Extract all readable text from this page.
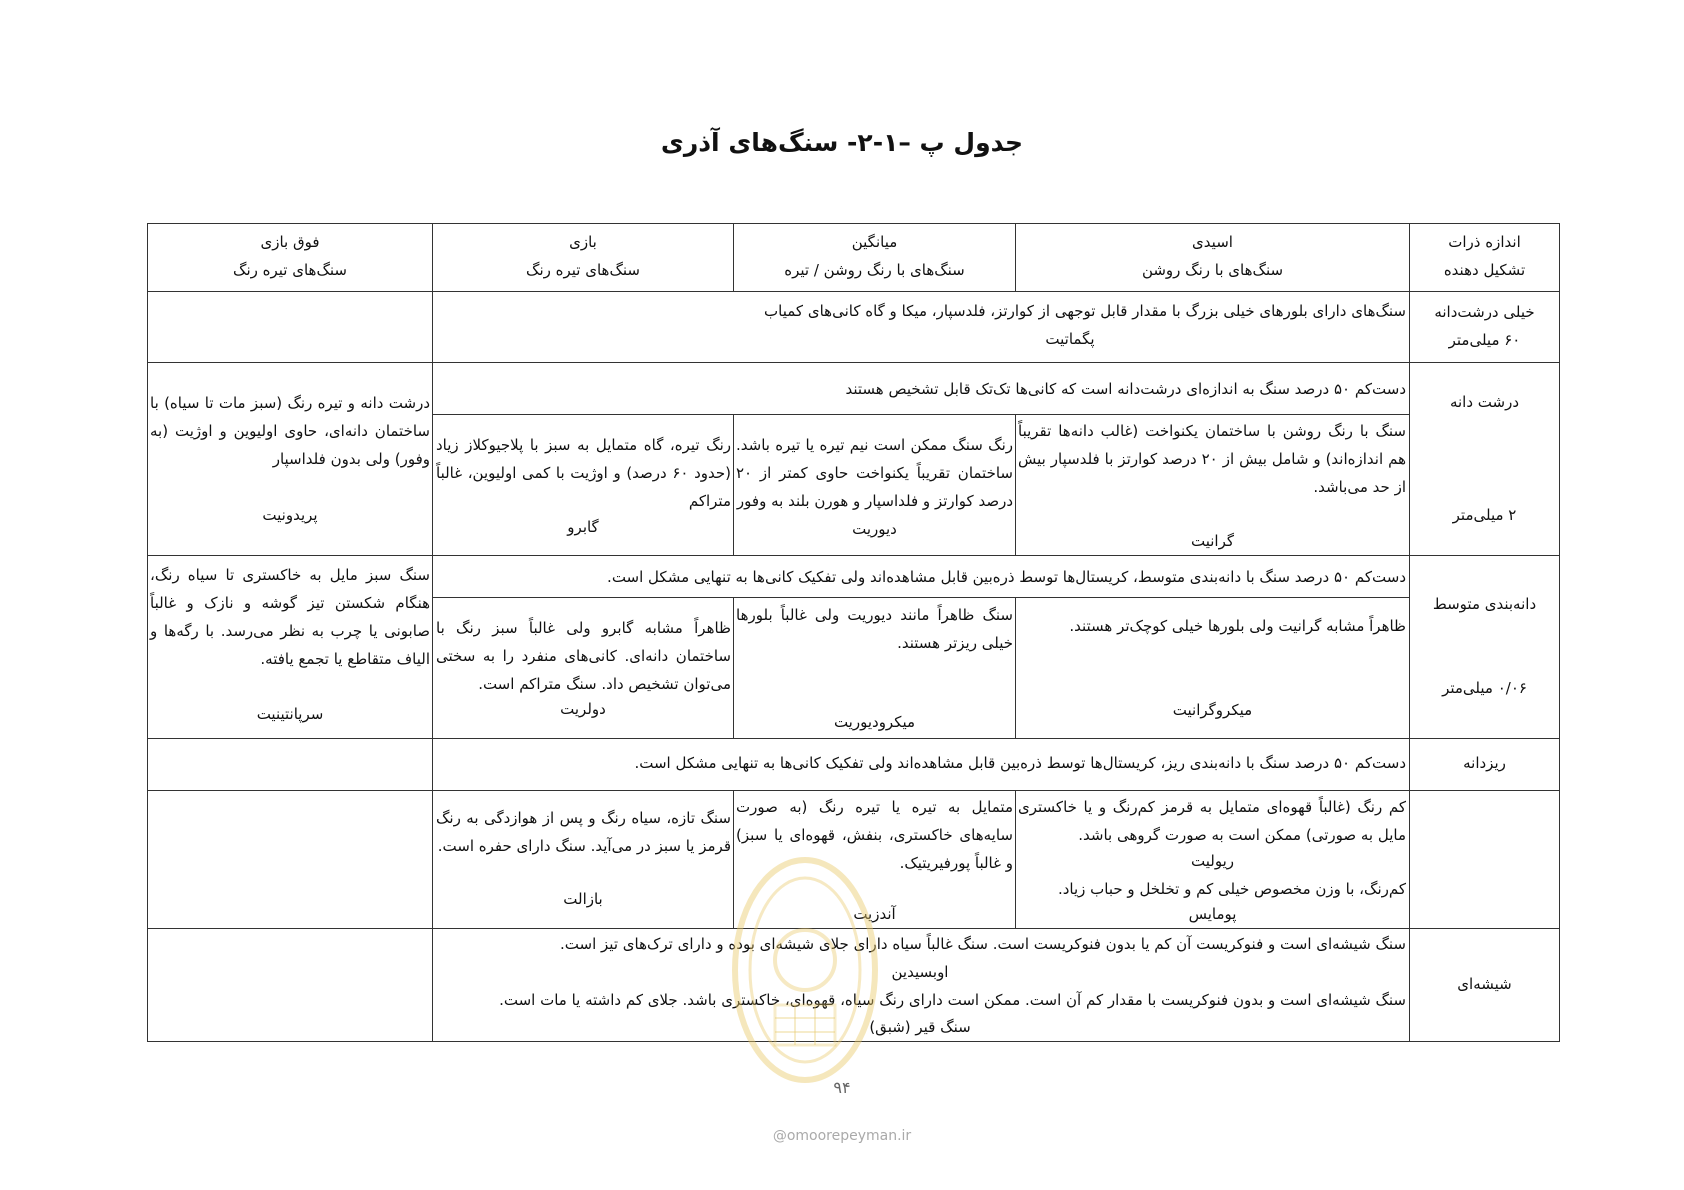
جدول پ –۱-۲- سنگ‌های آذری
اندازه ذرات
تشکیل دهنده
اسیدی
سنگ‌های با رنگ روشن
میانگین
سنگ‌های با رنگ روشن / تیره
بازی
سنگ‌های تیره رنگ
فوق بازی
سنگ‌های تیره رنگ
خیلی درشت‌دانه
۶۰ میلی‌متر
سنگ‌های دارای بلورهای خیلی بزرگ با مقدار قابل توجهی از کوارتز، فلدسپار، میکا و گاه کانی‌های کمیاب
پگماتیت
درشت دانه
۲ میلی‌متر
دست‌کم ۵۰ درصد سنگ به اندازه‌ای درشت‌دانه است که کانی‌ها تک‌تک قابل تشخیص هستند
سنگ با رنگ روشن با ساختمان یکنواخت (غالب دانه‌ها تقریباً هم اندازه‌اند) و شامل بیش از ۲۰ درصد کوارتز با فلدسپار بیش از حد می‌باشد.
گرانیت
رنگ سنگ ممکن است نیم تیره یا تیره باشد. ساختمان تقریباً یکنواخت حاوی کمتر از ۲۰ درصد کوارتز و فلداسپار و هورن بلند به وفور
دیوریت
رنگ تیره، گاه متمایل به سبز با پلاجیوکلاز زیاد (حدود ۶۰ درصد) و اوژیت با کمی اولیوین، غالباً متراکم
گابرو
درشت دانه و تیره رنگ (سبز مات تا سیاه) با ساختمان دانه‌ای، حاوی اولیوین و اوژیت (به وفور) ولی بدون فلداسپار
پریدونیت
دانه‌بندی متوسط
۰/۰۶ میلی‌متر
دست‌کم ۵۰ درصد سنگ با دانه‌بندی متوسط، کریستال‌ها توسط ذره‌بین قابل مشاهده‌اند ولی تفکیک کانی‌ها به تنهایی مشکل است.
ظاهراً مشابه گرانیت ولی بلورها خیلی کوچک‌تر هستند.
میکروگرانیت
سنگ ظاهراً مانند دیوریت ولی غالباً بلورها خیلی ریزتر هستند.
میکرودیوریت
ظاهراً مشابه گابرو ولی غالباً سبز رنگ با ساختمان دانه‌ای. کانی‌های منفرد را به سختی می‌توان تشخیص داد. سنگ متراکم است.
دولریت
سنگ سبز مایل به خاکستری تا سیاه رنگ، هنگام شکستن تیز گوشه و نازک و غالباً صابونی یا چرب به نظر می‌رسد. با رگه‌ها و الیاف متقاطع یا تجمع یافته.
سرپانتینیت
ریزدانه
دست‌کم ۵۰ درصد سنگ با دانه‌بندی ریز، کریستال‌ها توسط ذره‌بین قابل مشاهده‌اند ولی تفکیک کانی‌ها به تنهایی مشکل است.
کم رنگ (غالباً قهوه‌ای متمایل به قرمز کم‌رنگ و یا خاکستری مایل به صورتی) ممکن است به صورت گروهی باشد.
ریولیت
کم‌رنگ، با وزن مخصوص خیلی کم و تخلخل و حباب زیاد.
پومایس
متمایل به تیره یا تیره رنگ (به صورت سایه‌های خاکستری، بنفش، قهوه‌ای یا سبز) و غالباً پورفیریتیک.
آندزیت
سنگ تازه، سیاه رنگ و پس از هوازدگی به رنگ قرمز یا سبز در می‌آید. سنگ دارای حفره است.
بازالت
شیشه‌ای
سنگ شیشه‌ای است و فنوکریست آن کم یا بدون فنوکریست است. سنگ غالباً سیاه دارای جلای شیشه‌ای بوده و دارای ترک‌های تیز است.
اوبسیدین
سنگ شیشه‌ای است و بدون فنوکریست با مقدار کم آن است. ممکن است دارای رنگ سیاه، قهوه‌ای، خاکستری باشد. جلای کم داشته یا مات است.
سنگ قیر (شبق)
۹۴
@omoorepeyman.ir
